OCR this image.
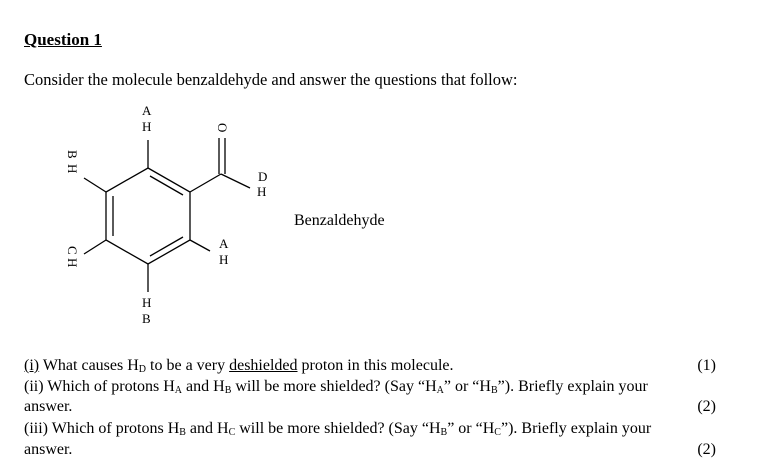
Question 1
Consider the molecule benzaldehyde and answer the questions that follow:
A
H
B
H
C
H
A
H
H
B
O
D
H
Benzaldehyde
(i) What causes $H_D$ to be a very deshielded proton in this molecule.	(1)
(ii) Which of protons $H_A$ and $H_B$ will be more shielded? (Say “$H_A$” or “$H_B$”). Briefly explain your
answer.	(2)
(iii) Which of protons $H_B$ and $H_C$ will be more shielded? (Say “$H_B$” or “$H_C$”). Briefly explain your
answer.	(2)
